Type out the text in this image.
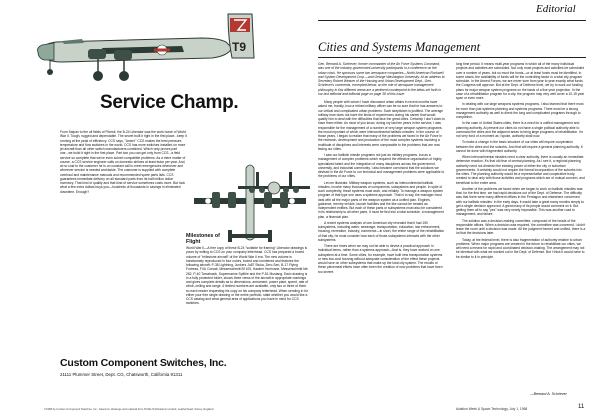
T9
Service Champ.

From Saipan to the oil fields of Ploesti, the B-24 Liberator was the work horse of World War II. Tough, rugged and dependable. The secret built it right in the first place...keep it running at the peak of efficiency. CCS says, "Amen!" CCS makes the best pressure, temperature and flow switches in the world. CCS has more switches installed on more jet aircraft than all other switch manufacturers combined. Which only proves part one...we build it right in the first place. Part two you can get only from CCS...a field service so complete that we've even solved compatible problems. As a mere matter of course, a CCS service engineer calls on domestic airlines at least twice per year. And, at no cost to the customer he is on constant call to meet emergencies whenever and wherever service is needed worldwide. The customer is supplied with complete overhaul and maintenance manuals and recommended spare parts lists. CCS guarantees immediate delivery on all standard parts from its half million dollar inventory. That kind of quality and that kind of service sometimes costs more. But look what a few extra dollars buys you—hundreds of thousands in savings in eliminated downtime. Enough?

Milestones of Flight

World War II—A free copy of these B-24 "suitable for framing" Liberator drawings is yours by writing to CCS on your company letterhead. CCS has prepared a boxed volume of "milestone aircraft" of the World War II era. The new volume is handsomely reproduced in four colors, boxed and numbered and features the following aircraft: P-38 Lightning, Junkers Ju87 Stuka, Zero-Sen, B-17 Flying Fortress, F4U Corsair, Messerschmitt Bf 109, Hawker Hurricane, Messerschmitt Me 262, P-40 Tomahawk, Supermarine Spitfire and the P-51 Mustang. Each drawing is in a fully protected folder, shows three views of the aircraft in appropriate markings and gives complete details as to dimensions, armament, power plant, speed, rate of climb, ceiling and range. 6 limited numbers are available, only two or three of them so each reader requesting his copy on his company letterhead. When sending in for either your free single drawing or the entire portfolio, state whether you would like a CCS catalog and what general area of applications you have in mind for CCS switches.

Custom Component Switches, Inc.
21111 Plummer Street, Dept. CG, Chatsworth, California 91311
©1968 by Custom Component Switches, Inc., based on drawings and material from Profile Publications Limited, Leatherhead, Surrey, England.
Editorial
Cities and Systems Management

Gen. Bernard A. Schriever, former commander of the Air Force Systems Command, was one of the industry-government-university participants in a conference on the urban crisis. He sponsors some two aerospace companies—North American Rockwell and System Development Corp.—and George Washington University. At an address to Secretary Robert Weaver of the Housing and Urban Development Dept., Gen. Schriever's comments, excerpted below, on the role of aerospace management philosophy in this different arena are a pertinent counterpoint to the ideas set forth in our last editorial and editorial page on page 38 of this issue.

Many people with whom I have discussed urban affairs in recent months have asked me, frankly, how a retired military officer can be so sure that he has answers to our critical and complicated urban problems. Such skepticism is justified. The average military man does not have the kinds of experiences during his career that would qualify him to deal with the difficulties that face the great cities. Certainly I don't claim to have them either. As most of you know, during my last ten years in the service, I was responsible for the management of a number of very large weapon system programs, the most important of which were intercontinental ballistic missiles. In the course of those years, I began to realize that many of the problems we faced in the Air Force in the research, development and production of the most complex systems involving a multitude of disciplines and interests were comparable to the problems that are now facing our cities.

I saw our ballistic missile programs not just as military programs, but as a management of complex problems which required the effective organization of highly specialized talent and the integration of many disciplines across the government, university, and industrial community. I also became convinced that the solutions we devised in the Air Force to our technical and management problems were applicable to the problems of our cities.

Let me illustrate. Military weapon systems, such as intercontinental ballistic missiles, involve many thousands of components, subsystems and people. In spite of such complexity, these systems must work, and reliably. To manage a weapon system program of that type one uses a systems approach. That is to say, the manager must deal with all the major parts of the weapon system as a unified plan. Engines, guidance, reentry vehicle, launch facilities and the like cannot be treated as independent entities. But each of these parts or subsystems must also be considered in its relationship to all other parts. It must be tied into a total schedule, a management plan, a financial plan.

A recent systems analysis of one American city revealed that it had 150 subsystems, including water, sewerage, transportation, education, law enforcement, housing, recreation, industry, commerce—in short, the entire range of the rehabilitation of that city, he must consider how each of those subsystems interacts with the other subsystems.

There are times when we may not be able to devise a practical approach in individual terms, rather than a systems approach—that is, they have worked on one subsystem at a time. Some cities, for example, have built new transportation systems or new low-cost housing without adequate consideration of the effect these projects would have on other subsystems that make up the total city system. The results of these piecemeal efforts have often been the creation of new problems that have been too severe.

long time period. It means multi-year programs in which all of the many individual projects and activities are scheduled. Not only must projects and activities be scheduled over a number of years, but so must the funds—or at least funds must be identified. In some cases, the availability of funds will be the controlling factor in a total city-program schedule. In the Armed Forces, we are never sure from year to year exactly what funds the Congress will approve. But at the Dept. of Defense level, we try to work out funding plans for major weapon system programs on the basis of a five year projection. In the case of a rehabilitation program for a city, the program may very well cover a 10-15 year span or even more.

In dealing with our large weapons systems programs, I also learned that there must be more than just systems planning and systems programs. There must be a strong management authority as well to direct the long and complicated programs through to completion.

In the case of United States cities, there is a need for a unified management and planning authority. At present our cities do not have a single political authority able to command the cities and the adjacent areas to bring large programs of rehabilitation. I'm not very fond of a moment as I spoke, authority shall now.

To make a change in the basic structure of our cities will require cooperation between the cities and the suburbs. And that will require a general planning authority. It cannot be done with fragmented authority.

When intercontinental missiles need a clear authority, there is usually an immediate defensive reaction. It's that old fear of central planning. As I see it, a regional planning authority need not diminish the existing power of either the city or suburban governments. It certainly would not require the formal incorporation of the suburbs into the cities. The planning authority would be a representative and cooperative body, created to deal only with those activities and programs which are of mutual concern, and beneficial to the entire area.

Another of the problems we faced when we began to work on ballistic missiles was that, for the first time, we had rapid decisions out of the Dept. of Defense. The difficulty was that there were many different offices in the Pentagon and elsewhere concerned with our ballistic missiles. In the early days, it would take a great many months simply to get a single decision approved. A great many of its people would comment on it. But getting them all to say "yes" was very nearly impossible. This was another road to management, and failure.

The solution was a decision-making committee, composed of the heads of the responsible offices. When a decision was required, the committee was convened. I didn't leave the room until a decision was made. All the judgment formed and unified, there is a lot that the decisions later.

Today, at the federal level, there is also fragmentation of authority relative to urban problems. When major programs are created in the future to rehabilitate our cities, we will need a means for rapid and coordinated decision-making. The arrangement may not be identical with what we worked out in the Dept. of Defense. But I think it would have to be similar to it in principle.

—Bernard A. Schriever
Aviation Week & Space Technology, July 1, 1968	11
